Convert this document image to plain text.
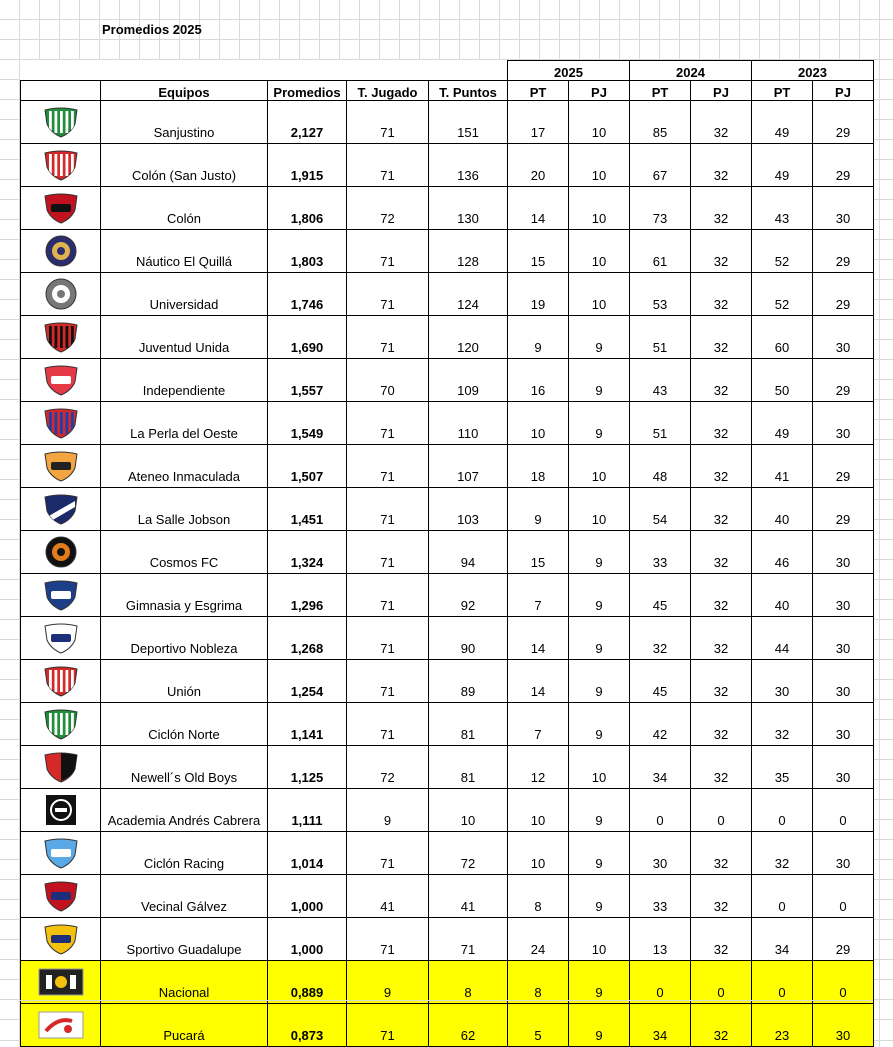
Promedios 2025
					2025		2024		2023	
	Equipos	Promedios	T. Jugado	T. Puntos	PT	PJ	PT	PJ	PT	PJ

	Sanjustino	2,127	71	151	17	10	85	32	49	29

	Colón (San Justo)	1,915	71	136	20	10	67	32	49	29

	Colón	1,806	72	130	14	10	73	32	43	30

	Náutico El Quillá	1,803	71	128	15	10	61	32	52	29

	Universidad	1,746	71	124	19	10	53	32	52	29

	Juventud Unida	1,690	71	120	9	9	51	32	60	30

	Independiente	1,557	70	109	16	9	43	32	50	29

	La Perla del Oeste	1,549	71	110	10	9	51	32	49	30

	Ateneo Inmaculada	1,507	71	107	18	10	48	32	41	29

	La Salle Jobson	1,451	71	103	9	10	54	32	40	29

	Cosmos FC	1,324	71	94	15	9	33	32	46	30

	Gimnasia y Esgrima	1,296	71	92	7	9	45	32	40	30

	Deportivo Nobleza	1,268	71	90	14	9	32	32	44	30

	Unión	1,254	71	89	14	9	45	32	30	30

	Ciclón Norte	1,141	71	81	7	9	42	32	32	30

	Newell´s Old Boys	1,125	72	81	12	10	34	32	35	30

	Academia Andrés Cabrera	1,111	9	10	10	9	0	0	0	0

	Ciclón Racing	1,014	71	72	10	9	30	32	32	30

	Vecinal Gálvez	1,000	41	41	8	9	33	32	0	0

	Sportivo Guadalupe	1,000	71	71	24	10	13	32	34	29

	Nacional	0,889	9	8	8	9	0	0	0	0

	Pucará	0,873	71	62	5	9	34	32	23	30
